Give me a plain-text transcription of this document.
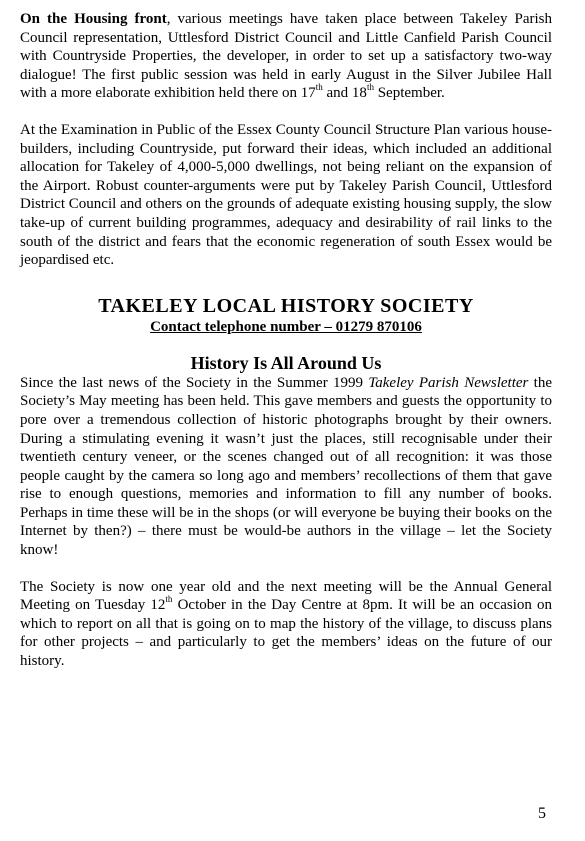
On the Housing front, various meetings have taken place between Takeley Parish Council representation, Uttlesford District Council and Little Canfield Parish Council with Countryside Properties, the developer, in order to set up a satisfactory two-way dialogue! The first public session was held in early August in the Silver Jubilee Hall with a more elaborate exhibition held there on 17th and 18th September.

At the Examination in Public of the Essex County Council Structure Plan various house-builders, including Countryside, put forward their ideas, which included an additional allocation for Takeley of 4,000-5,000 dwellings, not being reliant on the expansion of the Airport. Robust counter-arguments were put by Takeley Parish Council, Uttlesford District Council and others on the grounds of adequate existing housing supply, the slow take-up of current building programmes, adequacy and desirability of rail links to the south of the district and fears that the economic regeneration of south Essex would be jeopardised etc.

TAKELEY LOCAL HISTORY SOCIETY

Contact telephone number – 01279 870106

History Is All Around Us

Since the last news of the Society in the Summer 1999 Takeley Parish Newsletter the Society’s May meeting has been held. This gave members and guests the opportunity to pore over a tremendous collection of historic photographs brought by their owners. During a stimulating evening it wasn’t just the places, still recognisable under their twentieth century veneer, or the scenes changed out of all recognition: it was those people caught by the camera so long ago and members’ recollections of them that gave rise to enough questions, memories and information to fill any number of books. Perhaps in time these will be in the shops (or will everyone be buying their books on the Internet by then?) – there must be would-be authors in the village – let the Society know!

The Society is now one year old and the next meeting will be the Annual General Meeting on Tuesday 12th October in the Day Centre at 8pm. It will be an occasion on which to report on all that is going on to map the history of the village, to discuss plans for other projects – and particularly to get the members’ ideas on the future of our history.

5
